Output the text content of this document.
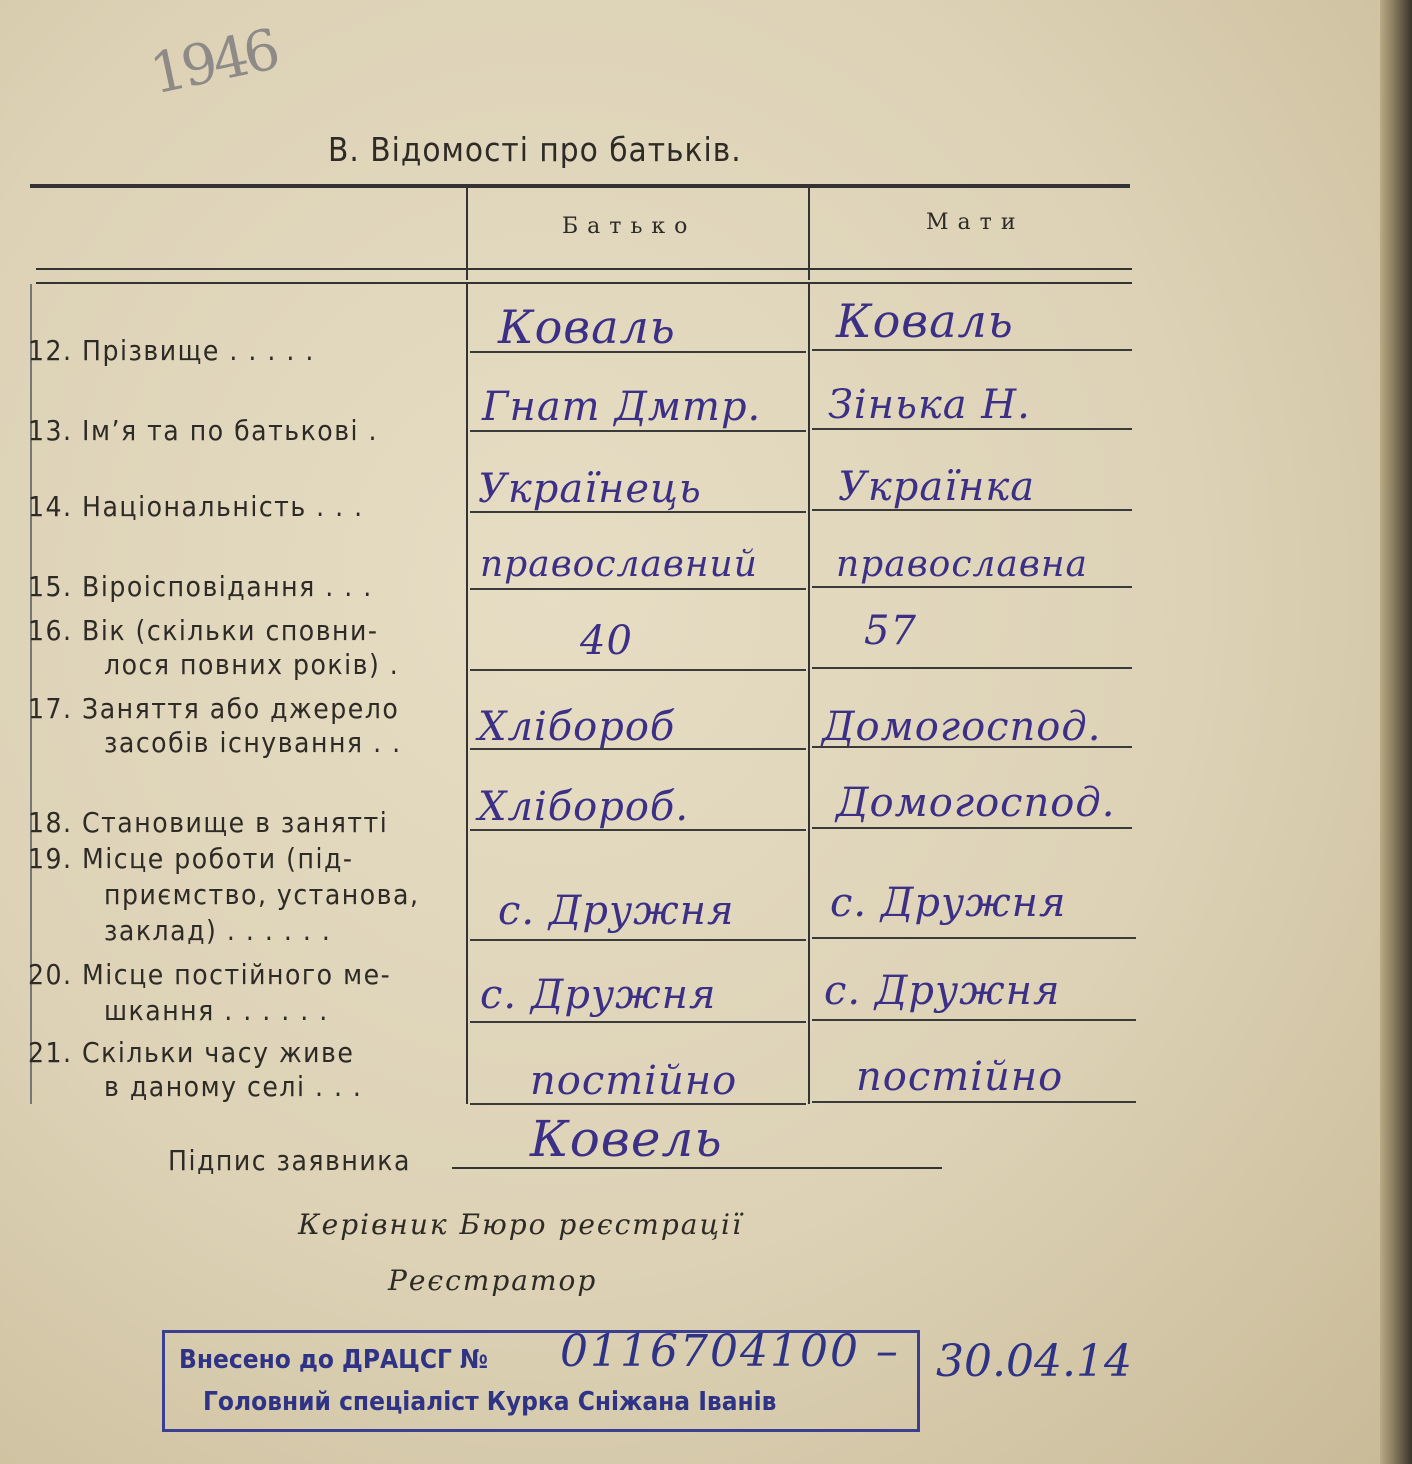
1946
В. Відомості про батьків.
Батько	Мати
12. Прізвище . . . . .
13. Ім’я та по батькові .
14. Національність . . .
15. Віроісповідання . . .
16. Вік (скільки сповни-
лося повних років) .
17. Заняття або джерело
засобів існування . .
18. Становище в занятті
19. Місце роботи (під-
приємство, установа,
заклад) . . . . . .
20. Місце постійного ме-
шкання . . . . . .
21. Скільки часу живе
в даному селі . . .
Коваль
Гнат Дмтр.
Українець
православний
40
Хлібороб
Хлібороб.
с. Дружня
с. Дружня
постійно
Коваль
Зінька Н.
Українка
православна
57
Домогоспод.
Домогоспод.
с. Дружня
с. Дружня
постійно
Підпис заявника Ковель
Керівник Бюро реєстрації
Реєстратор
Внесено до ДРАЦСГ №
Головний спеціаліст Курка Сніжана Іванів
0116704100 – 30.04.14
